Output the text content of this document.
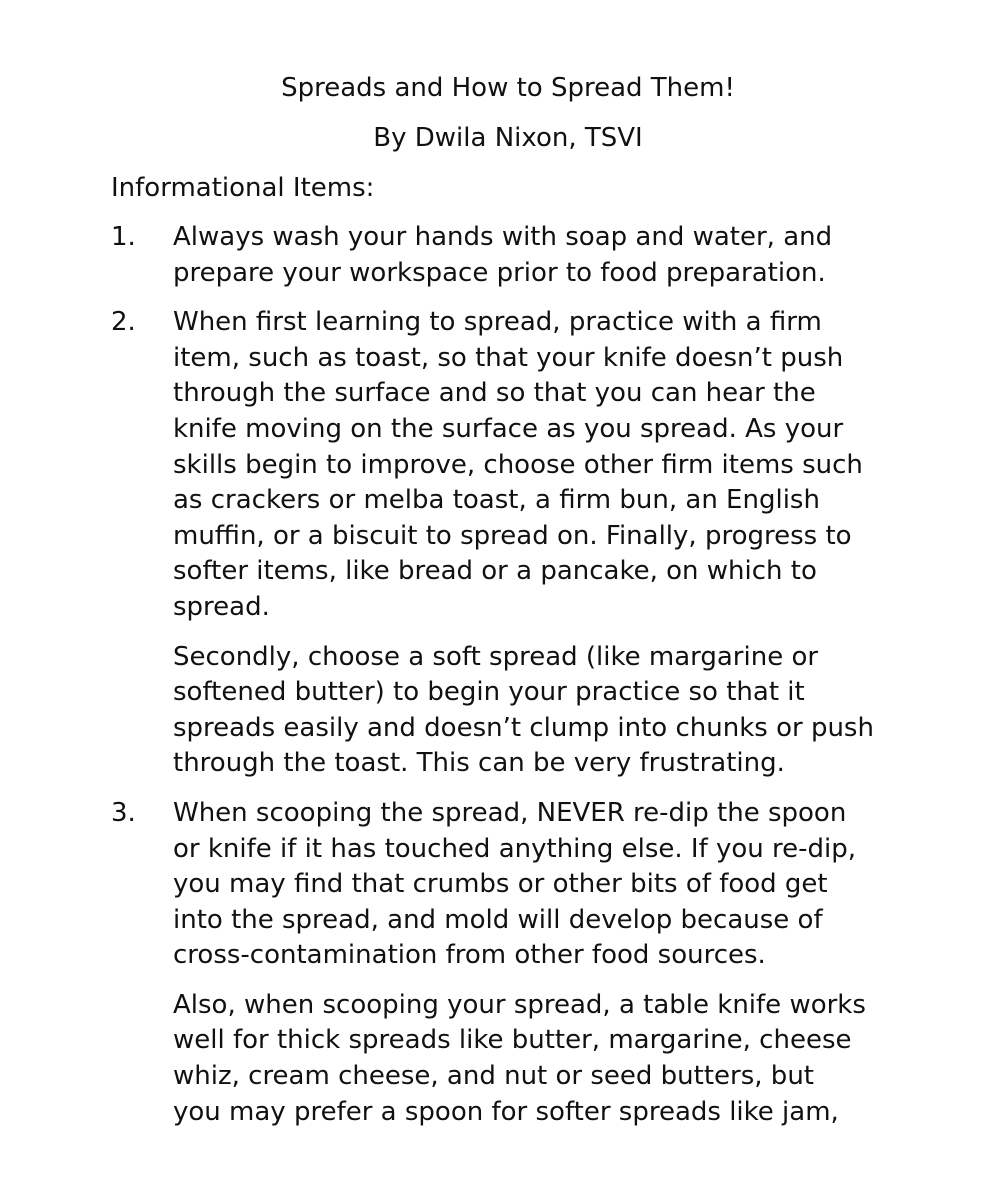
Spreads and How to Spread Them!

By Dwila Nixon, TSVI

Informational Items:

1. Always wash your hands with soap and water, and
prepare your workspace prior to food preparation.

2. When first learning to spread, practice with a firm
item, such as toast, so that your knife doesn’t push
through the surface and so that you can hear the
knife moving on the surface as you spread. As your
skills begin to improve, choose other firm items such
as crackers or melba toast, a firm bun, an English
muffin, or a biscuit to spread on. Finally, progress to
softer items, like bread or a pancake, on which to
spread.

Secondly, choose a soft spread (like margarine or
softened butter) to begin your practice so that it
spreads easily and doesn’t clump into chunks or push
through the toast. This can be very frustrating.

3. When scooping the spread, NEVER re-dip the spoon
or knife if it has touched anything else. If you re-dip,
you may find that crumbs or other bits of food get
into the spread, and mold will develop because of
cross-contamination from other food sources.

Also, when scooping your spread, a table knife works
well for thick spreads like butter, margarine, cheese
whiz, cream cheese, and nut or seed butters, but
you may prefer a spoon for softer spreads like jam,
